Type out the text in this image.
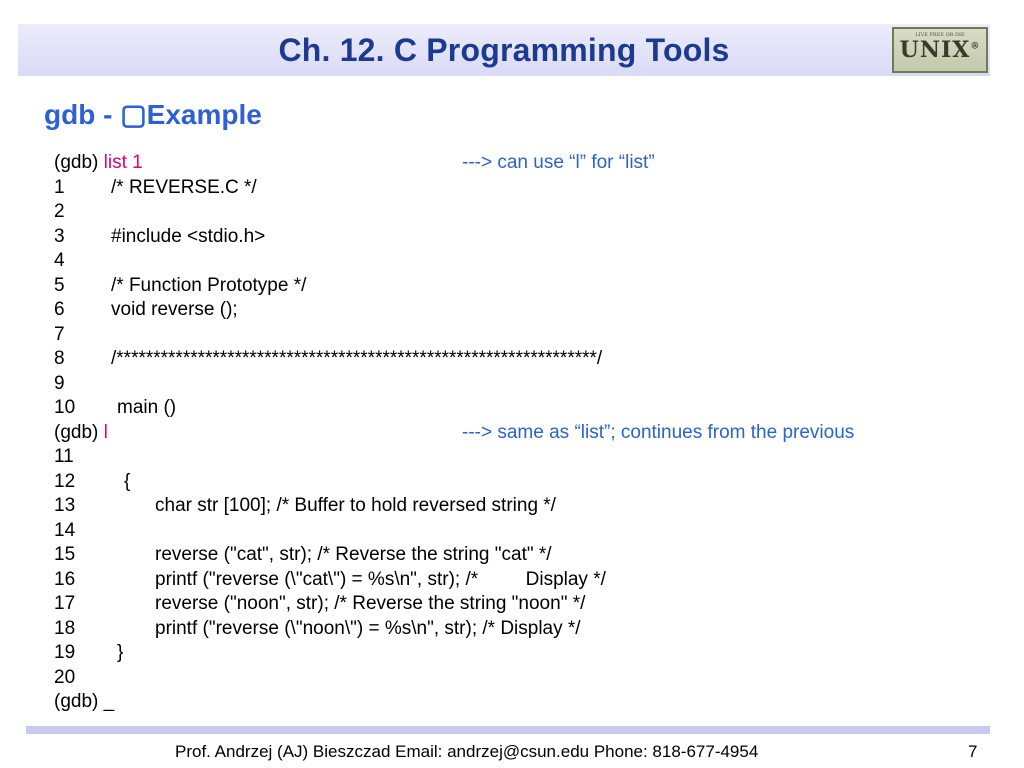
Ch. 12. C Programming Tools	LIVE FREE OR DIE
UNIX®
gdb - ▢Example
(gdb) list 1	---> can use “l” for “list”
1 /* REVERSE.C */
2
3 #include <stdio.h>
4
5 /* Function Prototype */
6 void reverse ();
7
8 /*****************************************************************/
9
10 main ()
(gdb) l	---> same as “list”; continues from the previous
11
12	{
13	char str [100]; /* Buffer to hold reversed string */
14
15	reverse ("cat", str); /* Reverse the string "cat" */
16	printf ("reverse (\"cat\") = %s\n", str); /*         Display */
17	reverse ("noon", str); /* Reverse the string "noon" */
18	printf ("reverse (\"noon\") = %s\n", str); /* Display */
19 }
20
(gdb) _
Prof. Andrzej (AJ) Bieszczad Email: andrzej@csun.edu Phone: 818-677-4954	7
